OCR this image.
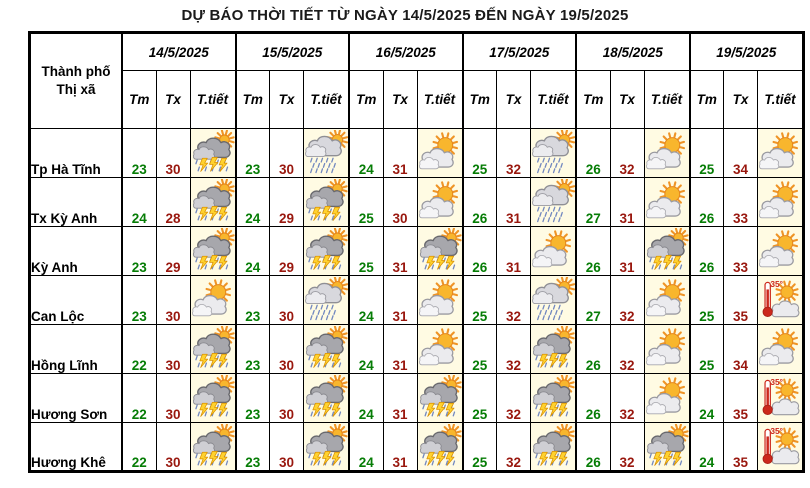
DỰ BÁO THỜI TIẾT TỪ NGÀY 14/5/2025 ĐẾN NGÀY 19/5/2025
Thành phố
Thị xã	14/5/2025			15/5/2025			16/5/2025			17/5/2025			18/5/2025			19/5/2025		
	Tm	Tx	T.tiết	Tm	Tx	T.tiết	Tm	Tx	T.tiết	Tm	Tx	T.tiết	Tm	Tx	T.tiết	Tm	Tx	T.tiết
Tp Hà Tĩnh	23	30		23	30		24	31		25	32		26	32		25	34	

Tx Kỳ Anh	24	28		24	29		25	30		26	31		27	31		26	33	

Kỳ Anh	23	29		24	29		25	31		26	31		26	31		26	33	

Can Lộc	23	30		23	30		24	31		25	32		27	32		25	35	35°

Hồng Lĩnh	22	30		23	30		24	31		25	32		26	32		25	34	

Hương Sơn	22	30		23	30		24	31		25	32		26	32		24	35	35°

Hương Khê	22	30		23	30		24	31		25	32		26	32		24	35	35°
